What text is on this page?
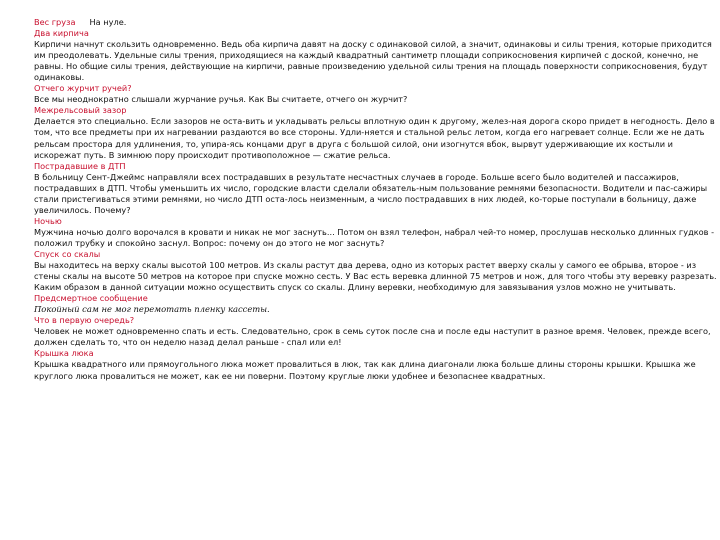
Вес груза На нуле.

Два кирпича

Кирпичи начнут скользить одновременно. Ведь оба кирпича давят на доску с одинаковой силой, а значит, одинаковы и силы трения, которые приходится им преодолевать. Удельные силы трения, приходящиеся на каждый квадратный сантиметр площади соприкосновения кирпичей с доской, конечно, не равны. Но общие силы трения, действующие на кирпичи, равные произведению удельной силы трения на площадь поверхности соприкосновения, будут одинаковы.

Отчего журчит ручей?

Все мы неоднократно слышали журчание ручья. Как Вы считаете, отчего он журчит?

Межрельсовый зазор

Делается это специально. Если зазоров не оста-вить и укладывать рельсы вплотную один к другому, желез-ная дорога скоро придет в негодность. Дело в том, что все предметы при их нагревании раздаются во все стороны. Удли-няется и стальной рельс летом, когда его нагревает солнце. Если же не дать рельсам простора для удлинения, то, упира-ясь концами друг в друга с большой силой, они изогнутся вбок, вырвут удерживающие их костыли и искорежат путь. В зимнюю пору происходит противоположное — сжатие рельса.

Пострадавшие в ДТП

В больницу Сент-Джеймс направляли всех пострадавших в результате несчастных случаев в городе. Больше всего было водителей и пассажиров, пострадавших в ДТП. Чтобы уменьшить их число, городские власти сделали обязатель-ным пользование ремнями безопасности. Водители и пас-сажиры стали пристегиваться этими ремнями, но число ДТП оста-лось неизменным, а число пострадавших в них людей, ко-торые поступали в больницу, даже увеличилось. Почему?

Ночью

Мужчина ночью долго ворочался в кровати и никак не мог заснуть... Потом он взял телефон, набрал чей-то номер, прослушав несколько длинных гудков - положил трубку и спокойно заснул. Вопрос: почему он до этого не мог заснуть?

Спуск со скалы

Вы находитесь на верху скалы высотой 100 метров. Из скалы растут два дерева, одно из которых растет вверху скалы у самого ее обрыва, второе - из стены скалы на высоте 50 метров на которое при спуске можно сесть. У Вас есть веревка длинной 75 метров и нож, для того чтобы эту веревку разрезать. Каким образом в данной ситуации можно осуществить спуск со скалы. Длину веревки, необходимую для завязывания узлов можно не учитывать.

Предсмертное сообщение

Покойный сам не мог перемотать пленку кассеты.

Что в первую очередь?

Человек не может одновременно спать и есть. Следовательно, срок в семь суток после сна и после еды наступит в разное время. Человек, прежде всего, должен сделать то, что он неделю назад делал раньше - спал или ел!

Крышка люка

Крышка квадратного или прямоугольного люка может провалиться в люк, так как длина диагонали люка больше длины стороны крышки. Крышка же круглого люка провалиться не может, как ее ни поверни. Поэтому круглые люки удобнее и безопаснее квадратных.
